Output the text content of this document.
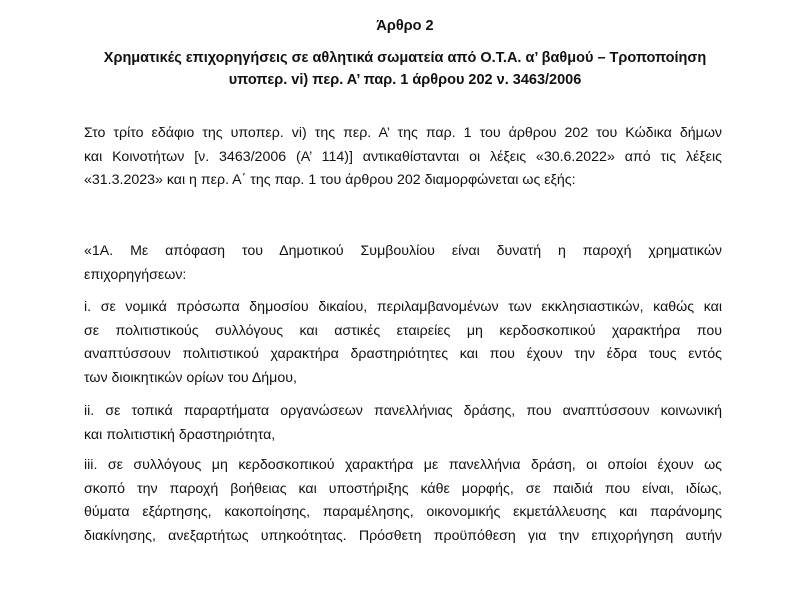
Άρθρο 2
Χρηματικές επιχορηγήσεις σε αθλητικά σωματεία από Ο.Τ.Α. α’ βαθμού – Τροποποίηση
υποπερ. vi) περ. Α’ παρ. 1 άρθρου 202 ν. 3463/2006
Στο τρίτο εδάφιο της υποπερ. vi) της περ. Α’ της παρ. 1 του άρθρου 202 του Κώδικα δήμων
και Κοινοτήτων [ν. 3463/2006 (Α’ 114)] αντικαθίστανται οι λέξεις «30.6.2022» από τις λέξεις
«31.3.2023» και η περ. Α΄ της παρ. 1 του άρθρου 202 διαμορφώνεται ως εξής:
«1Α. Με απόφαση του Δημοτικού Συμβουλίου είναι δυνατή η παροχή χρηματικών
επιχορηγήσεων:
i. σε νομικά πρόσωπα δημοσίου δικαίου, περιλαμβανομένων των εκκλησιαστικών, καθώς και
σε πολιτιστικούς συλλόγους και αστικές εταιρείες μη κερδοσκοπικού χαρακτήρα που
αναπτύσσουν πολιτιστικού χαρακτήρα δραστηριότητες και που έχουν την έδρα τους εντός
των διοικητικών ορίων του Δήμου,
ii. σε τοπικά παραρτήματα οργανώσεων πανελλήνιας δράσης, που αναπτύσσουν κοινωνική
και πολιτιστική δραστηριότητα,
iii. σε συλλόγους μη κερδοσκοπικού χαρακτήρα με πανελλήνια δράση, οι οποίοι έχουν ως
σκοπό την παροχή βοήθειας και υποστήριξης κάθε μορφής, σε παιδιά που είναι, ιδίως,
θύματα εξάρτησης, κακοποίησης, παραμέλησης, οικονομικής εκμετάλλευσης και παράνομης
διακίνησης, ανεξαρτήτως υπηκοότητας. Πρόσθετη προϋπόθεση για την επιχορήγηση αυτήν
